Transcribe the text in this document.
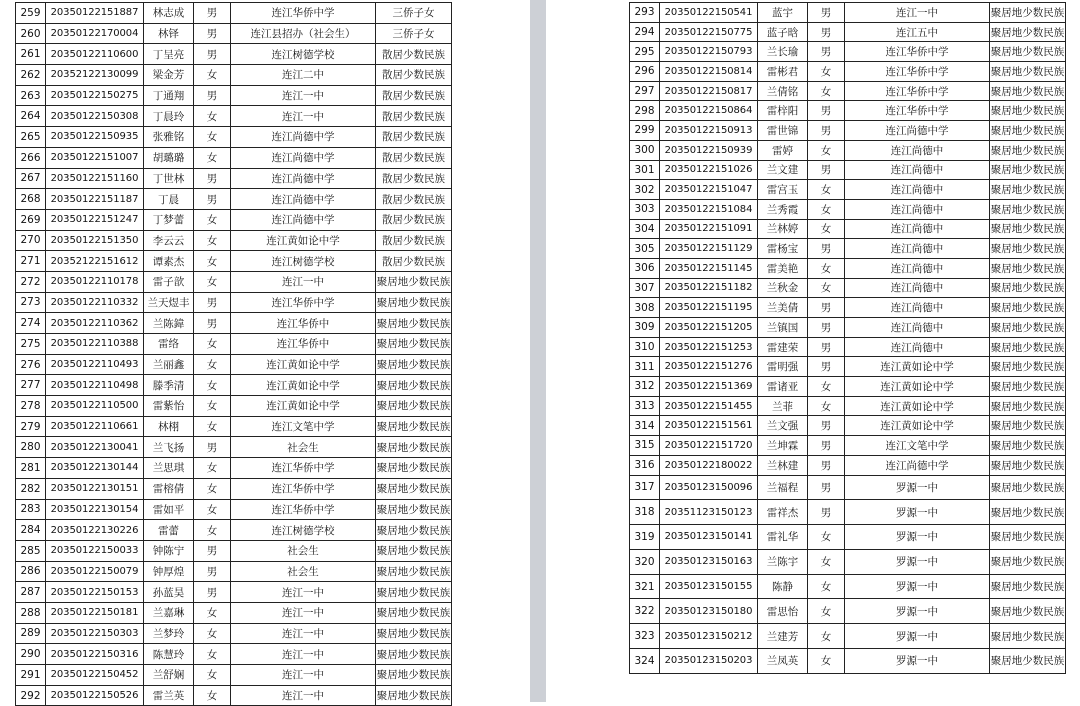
259	20350122151887	林志成	男	连江华侨中学	三侨子女
260	20350122170004	林铎	男	连江县招办（社会生）	三侨子女
261	20350122110600	丁呈亮	男	连江树德学校	散居少数民族
262	20352122130099	梁金芳	女	连江二中	散居少数民族
263	20350122150275	丁通翔	男	连江一中	散居少数民族
264	20350122150308	丁晨玲	女	连江一中	散居少数民族
265	20350122150935	张雅铭	女	连江尚德中学	散居少数民族
266	20350122151007	胡璐璐	女	连江尚德中学	散居少数民族
267	20350122151160	丁世林	男	连江尚德中学	散居少数民族
268	20350122151187	丁晨	男	连江尚德中学	散居少数民族
269	20350122151247	丁梦蕾	女	连江尚德中学	散居少数民族
270	20350122151350	李云云	女	连江黄如论中学	散居少数民族
271	20352122151612	谭素杰	女	连江树德学校	散居少数民族
272	20350122110178	雷子歆	女	连江一中	聚居地少数民族
273	20350122110332	兰天煜丰	男	连江华侨中学	聚居地少数民族
274	20350122110362	兰陈鍏	男	连江华侨中	聚居地少数民族
275	20350122110388	雷络	女	连江华侨中	聚居地少数民族
276	20350122110493	兰丽鑫	女	连江黄如论中学	聚居地少数民族
277	20350122110498	滕季清	女	连江黄如论中学	聚居地少数民族
278	20350122110500	雷紫怡	女	连江黄如论中学	聚居地少数民族
279	20350122110661	林栩	女	连江文笔中学	聚居地少数民族
280	20350122130041	兰飞扬	男	社会生	聚居地少数民族
281	20350122130144	兰思琪	女	连江华侨中学	聚居地少数民族
282	20350122130151	雷榕倩	女	连江华侨中学	聚居地少数民族
283	20350122130154	雷如平	女	连江华侨中学	聚居地少数民族
284	20350122130226	雷蕾	女	连江树德学校	聚居地少数民族
285	20350122150033	钟陈宁	男	社会生	聚居地少数民族
286	20350122150079	钟厚煌	男	社会生	聚居地少数民族
287	20350122150153	孙蓝昊	男	连江一中	聚居地少数民族
288	20350122150181	兰嘉琳	女	连江一中	聚居地少数民族
289	20350122150303	兰梦玲	女	连江一中	聚居地少数民族
290	20350122150316	陈慧玲	女	连江一中	聚居地少数民族
291	20350122150452	兰舒娴	女	连江一中	聚居地少数民族
292	20350122150526	雷兰英	女	连江一中	聚居地少数民族
293	20350122150541	蓝宇	男	连江一中	聚居地少数民族
294	20350122150775	蓝子晗	男	连江五中	聚居地少数民族
295	20350122150793	兰长瑜	男	连江华侨中学	聚居地少数民族
296	20350122150814	雷彬君	女	连江华侨中学	聚居地少数民族
297	20350122150817	兰倩铭	女	连江华侨中学	聚居地少数民族
298	20350122150864	雷梓阳	男	连江华侨中学	聚居地少数民族
299	20350122150913	雷世锦	男	连江尚德中学	聚居地少数民族
300	20350122150939	雷婷	女	连江尚德中	聚居地少数民族
301	20350122151026	兰文建	男	连江尚德中	聚居地少数民族
302	20350122151047	雷宫玉	女	连江尚德中	聚居地少数民族
303	20350122151084	兰秀霞	女	连江尚德中	聚居地少数民族
304	20350122151091	兰林婷	女	连江尚德中	聚居地少数民族
305	20350122151129	雷杨宝	男	连江尚德中	聚居地少数民族
306	20350122151145	雷美艳	女	连江尚德中	聚居地少数民族
307	20350122151182	兰秋金	女	连江尚德中	聚居地少数民族
308	20350122151195	兰美倩	男	连江尚德中	聚居地少数民族
309	20350122151205	兰镇国	男	连江尚德中	聚居地少数民族
310	20350122151253	雷建荣	男	连江尚德中	聚居地少数民族
311	20350122151276	雷明强	男	连江黄如论中学	聚居地少数民族
312	20350122151369	雷诸亚	女	连江黄如论中学	聚居地少数民族
313	20350122151455	兰菲	女	连江黄如论中学	聚居地少数民族
314	20350122151561	兰文强	男	连江黄如论中学	聚居地少数民族
315	20350122151720	兰坤霖	男	连江文笔中学	聚居地少数民族
316	20350122180022	兰林建	男	连江尚德中学	聚居地少数民族
317	20350123150096	兰福程	男	罗源一中	聚居地少数民族
318	20351123150123	雷祥杰	男	罗源一中	聚居地少数民族
319	20350123150141	雷礼华	女	罗源一中	聚居地少数民族
320	20350123150163	兰陈宇	女	罗源一中	聚居地少数民族
321	20350123150155	陈静	女	罗源一中	聚居地少数民族
322	20350123150180	雷思怡	女	罗源一中	聚居地少数民族
323	20350123150212	兰建芳	女	罗源一中	聚居地少数民族
324	20350123150203	兰凤英	女	罗源一中	聚居地少数民族
